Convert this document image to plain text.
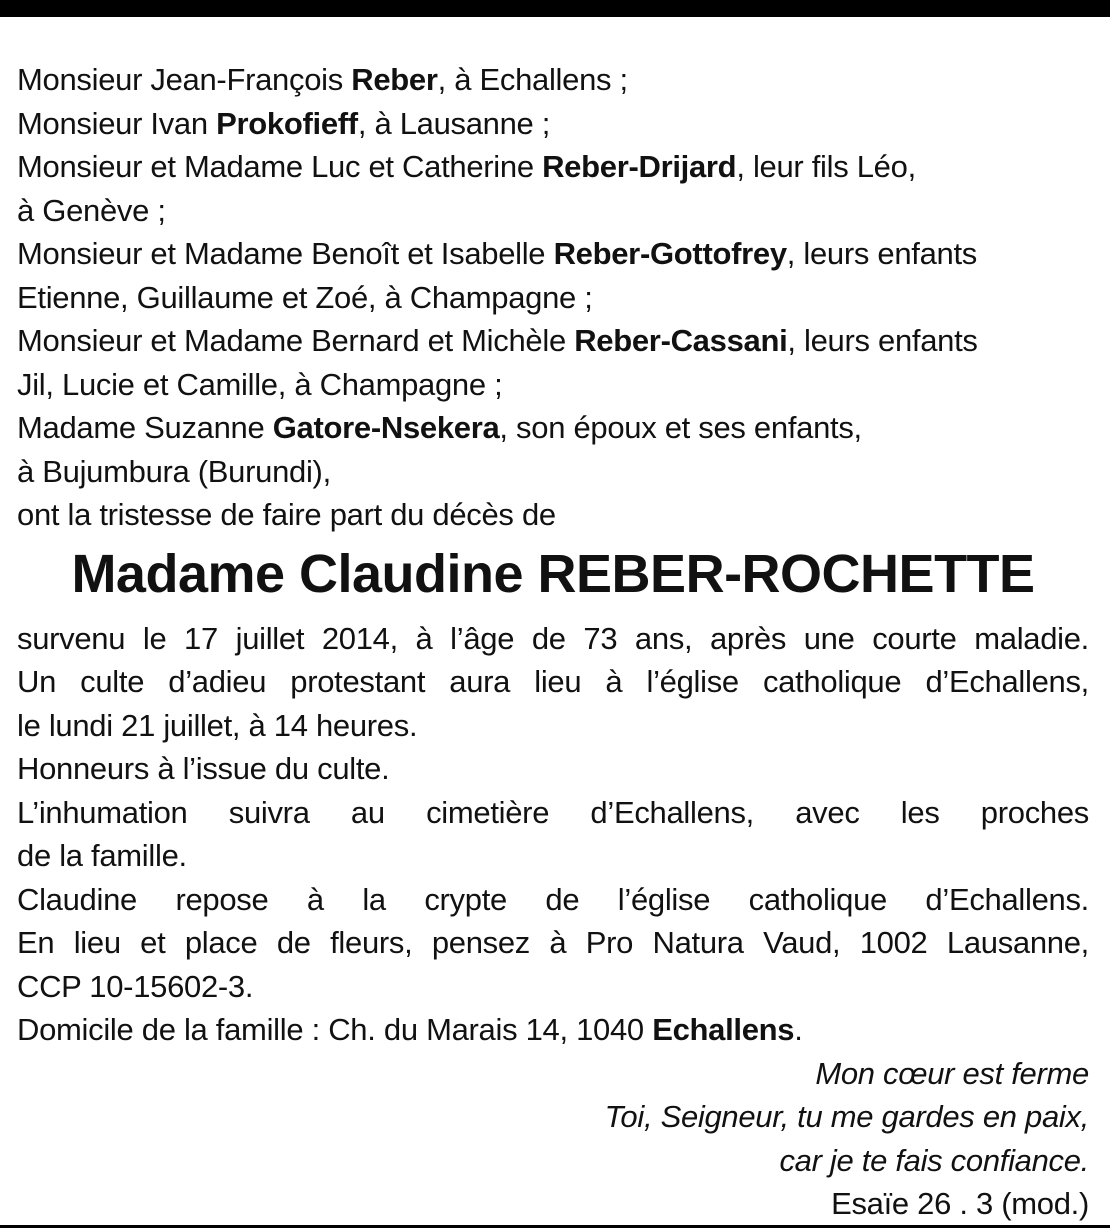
Monsieur Jean-François Reber, à Echallens ;
Monsieur Ivan Prokofieff, à Lausanne ;
Monsieur et Madame Luc et Catherine Reber-Drijard, leur fils Léo,
à Genève ;
Monsieur et Madame Benoît et Isabelle Reber-Gottofrey, leurs enfants
Etienne, Guillaume et Zoé, à Champagne ;
Monsieur et Madame Bernard et Michèle Reber-Cassani, leurs enfants
Jil, Lucie et Camille, à Champagne ;
Madame Suzanne Gatore-Nsekera, son époux et ses enfants,
à Bujumbura (Burundi),
ont la tristesse de faire part du décès de
Madame Claudine REBER-ROCHETTE
survenu le 17 juillet 2014, à l’âge de 73 ans, après une courte maladie.
Un culte d’adieu protestant aura lieu à l’église catholique d’Echallens,
le lundi 21 juillet, à 14 heures.
Honneurs à l’issue du culte.
L’inhumation suivra au cimetière d’Echallens, avec les proches
de la famille.
Claudine repose à la crypte de l’église catholique d’Echallens.
En lieu et place de fleurs, pensez à Pro Natura Vaud, 1002 Lausanne,
CCP 10-15602-3.
Domicile de la famille : Ch. du Marais 14, 1040 Echallens.
Mon cœur est ferme
Toi, Seigneur, tu me gardes en paix,
car je te fais confiance.
Esaïe 26 . 3 (mod.)
